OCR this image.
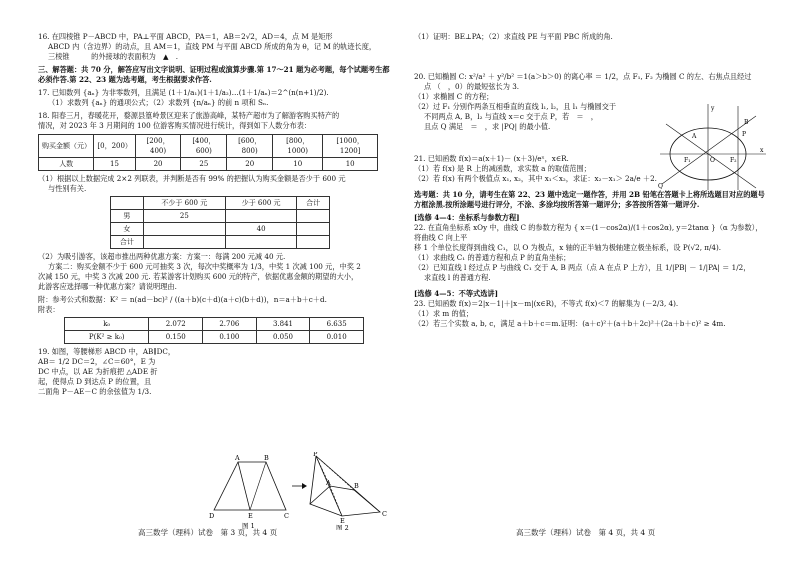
16. 在四棱锥 P－ABCD 中，PA⊥平面 ABCD，PA＝1，AB＝2√2，AD＝4，点 M 是矩形

ABCD 内（含边界）的动点，且 AM＝1，直线 PM 与平面 ABCD 所成的角为 θ，记 M 的轨迹长度，

三棱锥　　　的外接球的表面积为　▲　.

三、解答题：共 70 分，解答应写出文字说明、证明过程或演算步骤.第 17～21 题为必考题，每个试题考生都必须作答.第 22、23 题为选考题，考生根据要求作答.

17. 已知数列 {aₙ} 为非零数列，且满足 (1＋1/a₁)(1＋1/a₂)…(1＋1/aₙ)＝2^(n(n+1)/2).

（1）求数列 {aₙ} 的通项公式；（2）求数列 {n/aₙ} 的前 n 项和 Sₙ.

18. 阳春三月，春暖花开，婺源县篁岭景区迎来了旅游高峰，某特产超市为了解游客购买特产的

情况，对 2023 年 3 月期间的 100 位游客购买情况进行统计，得到如下人数分布表：

购买金额（元）	[0，200）	[200，400)	[400，600)	[600，800)	[800，1000)	[1000，1200]
人数	15	20	25	20	10	10

（1）根据以上数据完成 2×2 列联表，并判断是否有 99% 的把握认为购买金额是否少于 600 元

与性别有关.

	不少于 600 元	少于 600 元	合计
男	25		
女		40	
合计			

（2）为吸引游客，该超市推出两种优惠方案：方案一：每满 200 元减 40 元.

方案二：购买金额不少于 600 元可抽奖 3 次，每次中奖概率为 1/3，中奖 1 次减 100 元，中奖 2

次减 150 元，中奖 3 次减 200 元. 若某游客计划购买 600 元的特产，依据优惠金额的期望的大小，

此游客应选择哪一种优惠方案？请说明理由.

附：参考公式和数据：K² ＝ n(ad－bc)² / ((a＋b)(c＋d)(a＋c)(b＋d))，n＝a＋b＋c＋d.

附表：

k₀	2.072	2.706	3.841	6.635
P(K² ≥ k₀)	0.150	0.100	0.050	0.010

19. 如图，等腰梯形 ABCD 中，AB∥DC，

AB＝ 1/2 DC＝2，∠C＝60°，E 为

DC 中点，以 AE 为折痕把 △ADE 折

起，使得点 D 到达点 P 的位置，且

二面角 P－AE－C 的余弦值为 1/3.

A	B
D	E	C
图 1
P
A	B
E
C
图 2

高三数学（理科）试卷　第 3 页，共 4 页

（1）证明：BE⊥PA；（2）求直线 PE 与平面 PBC 所成的角.

20. 已知椭圆 C: x²/a² ＋ y²/b² ＝1(a＞b＞0) 的离心率 ＝ 1/2，点 F₁, F₂ 为椭圆 C 的左、右焦点且经过

点 （　，0）的最短弦长为 3.

（1）求椭圆 C 的方程；

（2）过 F₁ 分别作两条互相垂直的直线 l₁, l₂，且 l₁ 与椭圆交于

不同两点 A, B，l₂ 与直线 x＝c 交于点 P，若　＝　，

且点 Q 满足　＝　，求 |PQ| 的最小值.

21. 已知函数 f(x)＝a(x＋1)－ (x＋3)/eˣ，x∈R.

（1）若 f(x) 是 R 上的减函数，求实数 a 的取值范围；

（2）若 f(x) 有两个极值点 x₁, x₂，其中 x₁＜x₂，求证：x₂－x₁＞ 2a/e ＋2.

选考题：共 10 分，请考生在第 22、23 题中选定一题作答，并用 2B 铅笔在答题卡上将所选题目对应的题号方框涂黑.按所涂题号进行评分，不涂、多涂均按所答第一题评分；多答按所答第一题评分.

[选修 4—4：坐标系与参数方程]

22. 在直角坐标系 xOy 中，曲线 C 的参数方程为 { x＝(1－cos2α)/(1＋cos2α), y＝2tanα }（α 为参数），将曲线 C 向上平

移 1 个单位长度得到曲线 C₁，以 O 为极点，x 轴的正半轴为极轴建立极坐标系，设 P(√2, π/4).

（1）求曲线 C₁ 的普通方程和点 P 的直角坐标；

（2）已知直线 l 经过点 P 与曲线 C₁ 交于 A, B 两点（点 A 在点 P 上方），且 1/|PB| － 1/|PA| ＝ 1/2，

求直线 l 的普通方程.

[选修 4—5：不等式选讲]

23. 已知函数 f(x)＝2|x－1|＋|x－m|(x∈R)，不等式 f(x)＜7 的解集为 (－2/3, 4).

（1）求 m 的值；

（2）若三个实数 a, b, c，满足 a＋b＋c＝m.证明：(a＋c)²＋(a＋b＋2c)²＋(2a＋b＋c)² ≥ 4m.

y
x
O
F₁	F₂
A
B
P
Q

高三数学（理科）试卷　第 4 页，共 4 页
